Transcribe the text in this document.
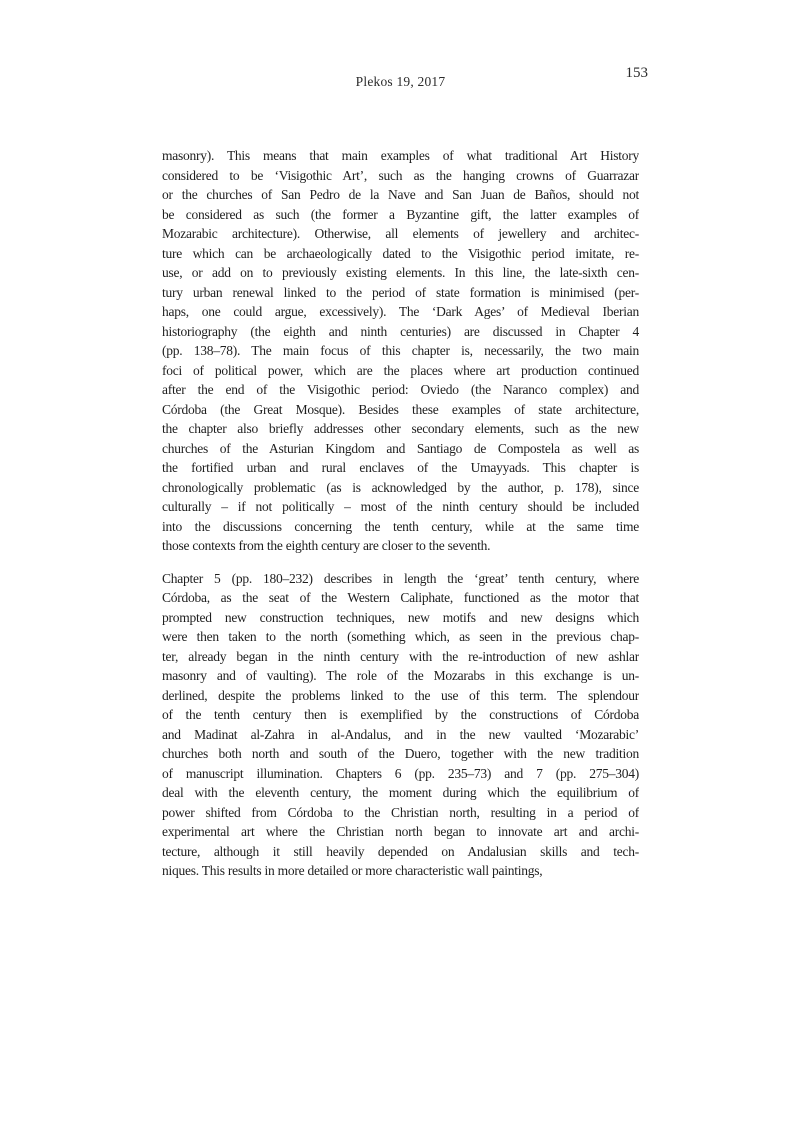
Plekos 19, 2017
153
masonry). This means that main examples of what traditional Art History
considered to be ‘Visigothic Art’, such as the hanging crowns of Guarrazar
or the churches of San Pedro de la Nave and San Juan de Baños, should not
be considered as such (the former a Byzantine gift, the latter examples of
Mozarabic architecture). Otherwise, all elements of jewellery and architec-
ture which can be archaeologically dated to the Visigothic period imitate, re-
use, or add on to previously existing elements. In this line, the late-sixth cen-
tury urban renewal linked to the period of state formation is minimised (per-
haps, one could argue, excessively). The ‘Dark Ages’ of Medieval Iberian
historiography (the eighth and ninth centuries) are discussed in Chapter 4
(pp. 138–78). The main focus of this chapter is, necessarily, the two main
foci of political power, which are the places where art production continued
after the end of the Visigothic period: Oviedo (the Naranco complex) and
Córdoba (the Great Mosque). Besides these examples of state architecture,
the chapter also briefly addresses other secondary elements, such as the new
churches of the Asturian Kingdom and Santiago de Compostela as well as
the fortified urban and rural enclaves of the Umayyads. This chapter is
chronologically problematic (as is acknowledged by the author, p. 178), since
culturally – if not politically – most of the ninth century should be included
into the discussions concerning the tenth century, while at the same time
those contexts from the eighth century are closer to the seventh.
Chapter 5 (pp. 180–232) describes in length the ‘great’ tenth century, where
Córdoba, as the seat of the Western Caliphate, functioned as the motor that
prompted new construction techniques, new motifs and new designs which
were then taken to the north (something which, as seen in the previous chap-
ter, already began in the ninth century with the re-introduction of new ashlar
masonry and of vaulting). The role of the Mozarabs in this exchange is un-
derlined, despite the problems linked to the use of this term. The splendour
of the tenth century then is exemplified by the constructions of Córdoba
and Madinat al-Zahra in al-Andalus, and in the new vaulted ‘Mozarabic’
churches both north and south of the Duero, together with the new tradition
of manuscript illumination. Chapters 6 (pp. 235–73) and 7 (pp. 275–304)
deal with the eleventh century, the moment during which the equilibrium of
power shifted from Córdoba to the Christian north, resulting in a period of
experimental art where the Christian north began to innovate art and archi-
tecture, although it still heavily depended on Andalusian skills and tech-
niques. This results in more detailed or more characteristic wall paintings,
